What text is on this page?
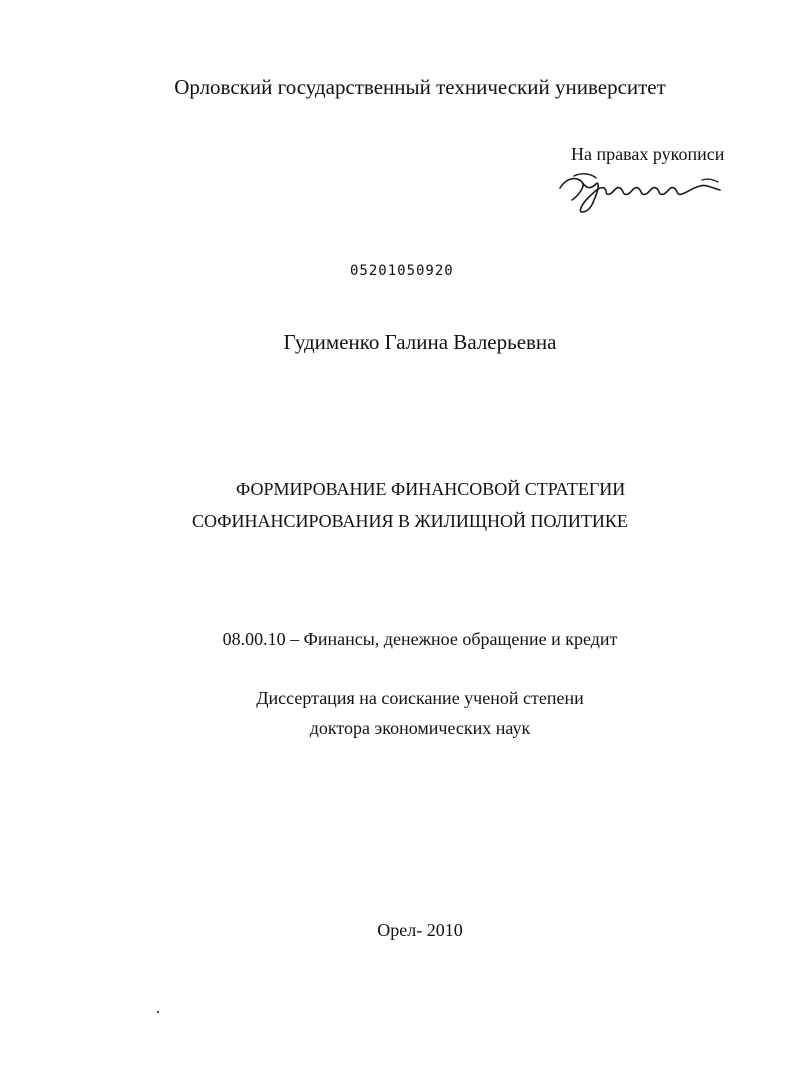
Орловский государственный технический университет
На правах рукописи
05201050920
Гудименко Галина Валерьевна
ФОРМИРОВАНИЕ ФИНАНСОВОЙ СТРАТЕГИИ
СОФИНАНСИРОВАНИЯ В ЖИЛИЩНОЙ ПОЛИТИКЕ
08.00.10 – Финансы, денежное обращение и кредит
Диссертация на соискание ученой степени
доктора экономических наук
Орел- 2010
